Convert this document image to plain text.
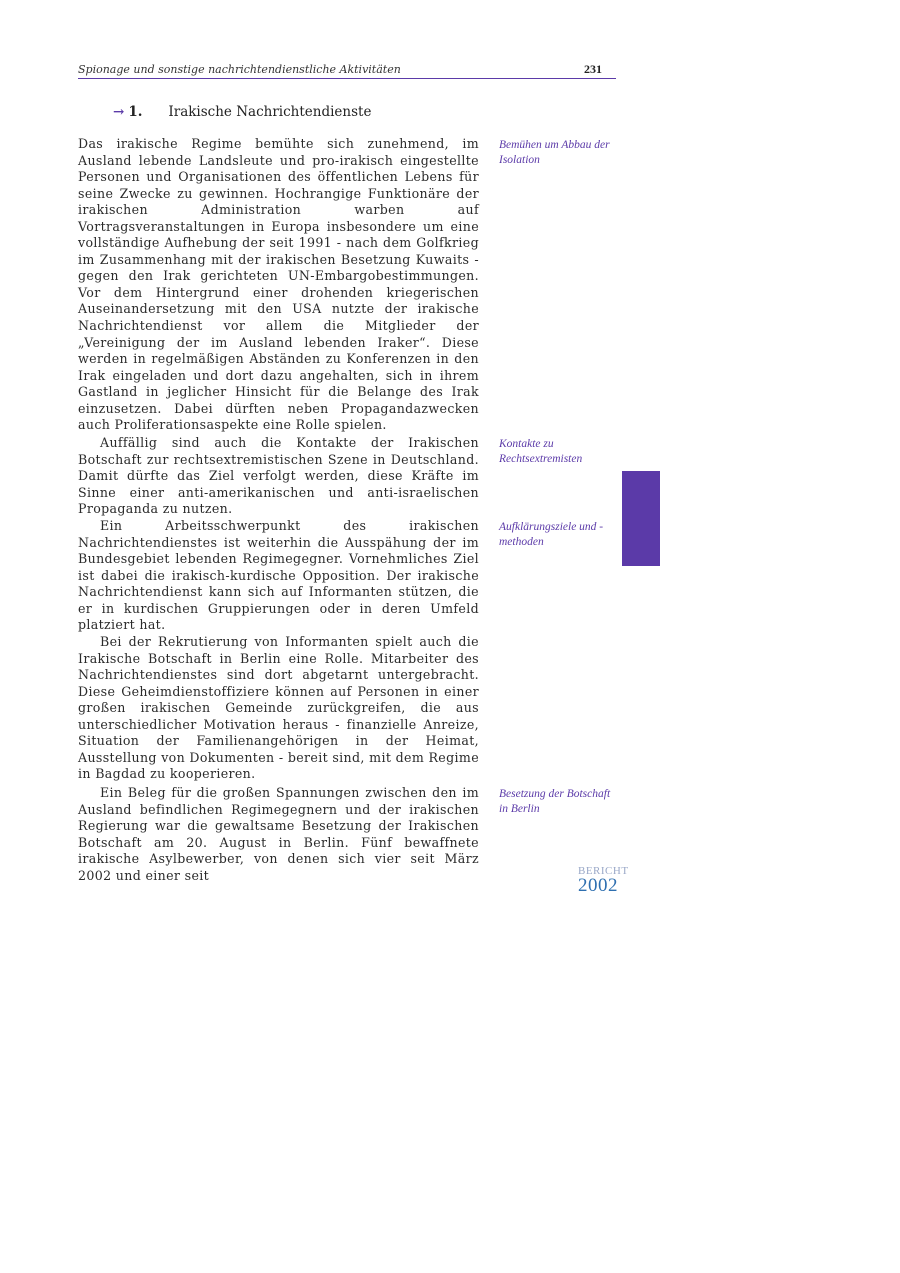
Spionage und sonstige nachrichtendienstliche Aktivitäten	231
→ 1. Irakische Nachrichtendienste

Das irakische Regime bemühte sich zunehmend, im Ausland lebende Landsleute und pro-irakisch eingestellte Personen und Organisationen des öffentlichen Lebens für seine Zwecke zu gewinnen. Hochrangige Funktionäre der irakischen Administration warben auf Vortragsveranstaltungen in Europa insbesondere um eine vollständige Aufhebung der seit 1991 - nach dem Golfkrieg im Zusammenhang mit der irakischen Besetzung Kuwaits - gegen den Irak gerichteten UN-Embargobestimmungen. Vor dem Hintergrund einer drohenden kriegerischen Auseinandersetzung mit den USA nutzte der irakische Nachrichtendienst vor allem die Mitglieder der „Vereinigung der im Ausland lebenden Iraker“. Diese werden in regelmäßigen Abständen zu Konferenzen in den Irak eingeladen und dort dazu angehalten, sich in ihrem Gastland in jeglicher Hinsicht für die Belange des Irak einzusetzen. Dabei dürften neben Propagandazwecken auch Proliferationsaspekte eine Rolle spielen.

Auffällig sind auch die Kontakte der Irakischen Botschaft zur rechtsextremistischen Szene in Deutschland. Damit dürfte das Ziel verfolgt werden, diese Kräfte im Sinne einer anti-amerikanischen und anti-israelischen Propaganda zu nutzen.

Ein Arbeitsschwerpunkt des irakischen Nachrichtendienstes ist weiterhin die Ausspähung der im Bundesgebiet lebenden Regimegegner. Vornehmliches Ziel ist dabei die irakisch-kurdische Opposition. Der irakische Nachrichtendienst kann sich auf Informanten stützen, die er in kurdischen Gruppierungen oder in deren Umfeld platziert hat.

Bei der Rekrutierung von Informanten spielt auch die Irakische Botschaft in Berlin eine Rolle. Mitarbeiter des Nachrichtendienstes sind dort abgetarnt untergebracht. Diese Geheimdienstoffiziere können auf Personen in einer großen irakischen Gemeinde zurückgreifen, die aus unterschiedlicher Motivation heraus - finanzielle Anreize, Situation der Familienangehörigen in der Heimat, Ausstellung von Dokumenten - bereit sind, mit dem Regime in Bagdad zu kooperieren.

Ein Beleg für die großen Spannungen zwischen den im Ausland befindlichen Regimegegnern und der irakischen Regierung war die gewaltsame Besetzung der Irakischen Botschaft am 20. August in Berlin. Fünf bewaffnete irakische Asylbewerber, von denen sich vier seit März 2002 und einer seit

Bemühen um Abbau der Isolation
Kontakte zu Rechtsextremisten
Aufklärungsziele und -methoden
Besetzung der Botschaft in Berlin
BERICHT
2002
